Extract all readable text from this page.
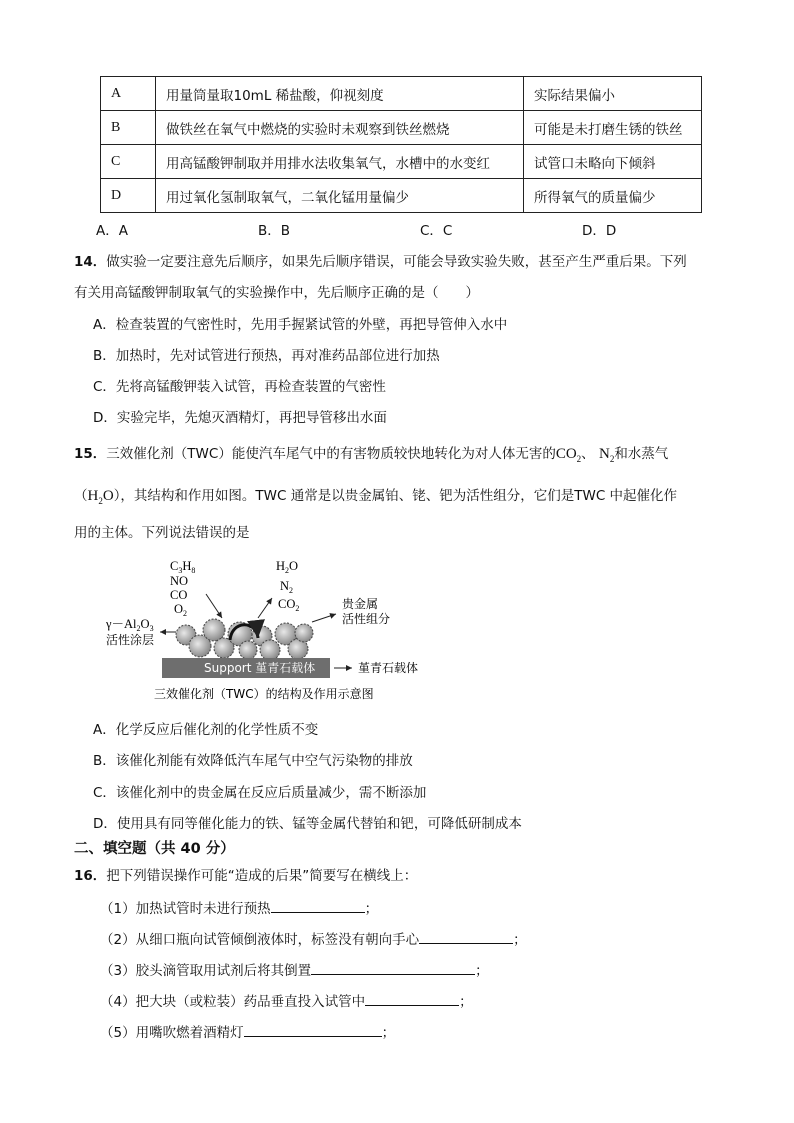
A	用量筒量取10mL 稀盐酸，仰视刻度	实际结果偏小
B	做铁丝在氧气中燃烧的实验时未观察到铁丝燃烧	可能是未打磨生锈的铁丝
C	用高锰酸钾制取并用排水法收集氧气，水槽中的水变红	试管口未略向下倾斜
D	用过氧化氢制取氧气，二氧化锰用量偏少	所得氧气的质量偏少
A．A	B．B	C．C	D．D
14．做实验一定要注意先后顺序，如果先后顺序错误，可能会导致实验失败，甚至产生严重后果。下列
有关用高锰酸钾制取氧气的实验操作中，先后顺序正确的是（　　）
A．检查装置的气密性时，先用手握紧试管的外壁，再把导管伸入水中
B．加热时，先对试管进行预热，再对准药品部位进行加热
C．先将高锰酸钾装入试管，再检查装置的气密性
D．实验完毕，先熄灭酒精灯，再把导管移出水面
15．三效催化剂（TWC）能使汽车尾气中的有害物质较快地转化为对人体无害的$CO_2$、 $N_2$和水蒸气
$(H_2O)$，其结构和作用如图。TWC 通常是以贵金属铂、铑、钯为活性组分，它们是TWC 中起催化作
用的主体。下列说法错误的是
$C_3H_8$
NO
CO
$O_2$
$H_2O$
$N_2$
$CO_2$
$\gamma-Al_2O_3$
活性涂层
贵金属
活性组分
Support 堇青石载体	堇青石载体
三效催化剂（TWC）的结构及作用示意图
A．化学反应后催化剂的化学性质不变
B．该催化剂能有效降低汽车尾气中空气污染物的排放
C．该催化剂中的贵金属在反应后质量减少，需不断添加
D．使用具有同等催化能力的铁、锰等金属代替铂和钯，可降低研制成本
二、填空题（共 40 分）
16．把下列错误操作可能“造成的后果”简要写在横线上：
（1）加热试管时未进行预热	；
（2）从细口瓶向试管倾倒液体时，标签没有朝向手心	；
（3）胶头滴管取用试剂后将其倒置	；
（4）把大块（或粒装）药品垂直投入试管中	；
（5）用嘴吹燃着酒精灯	；
